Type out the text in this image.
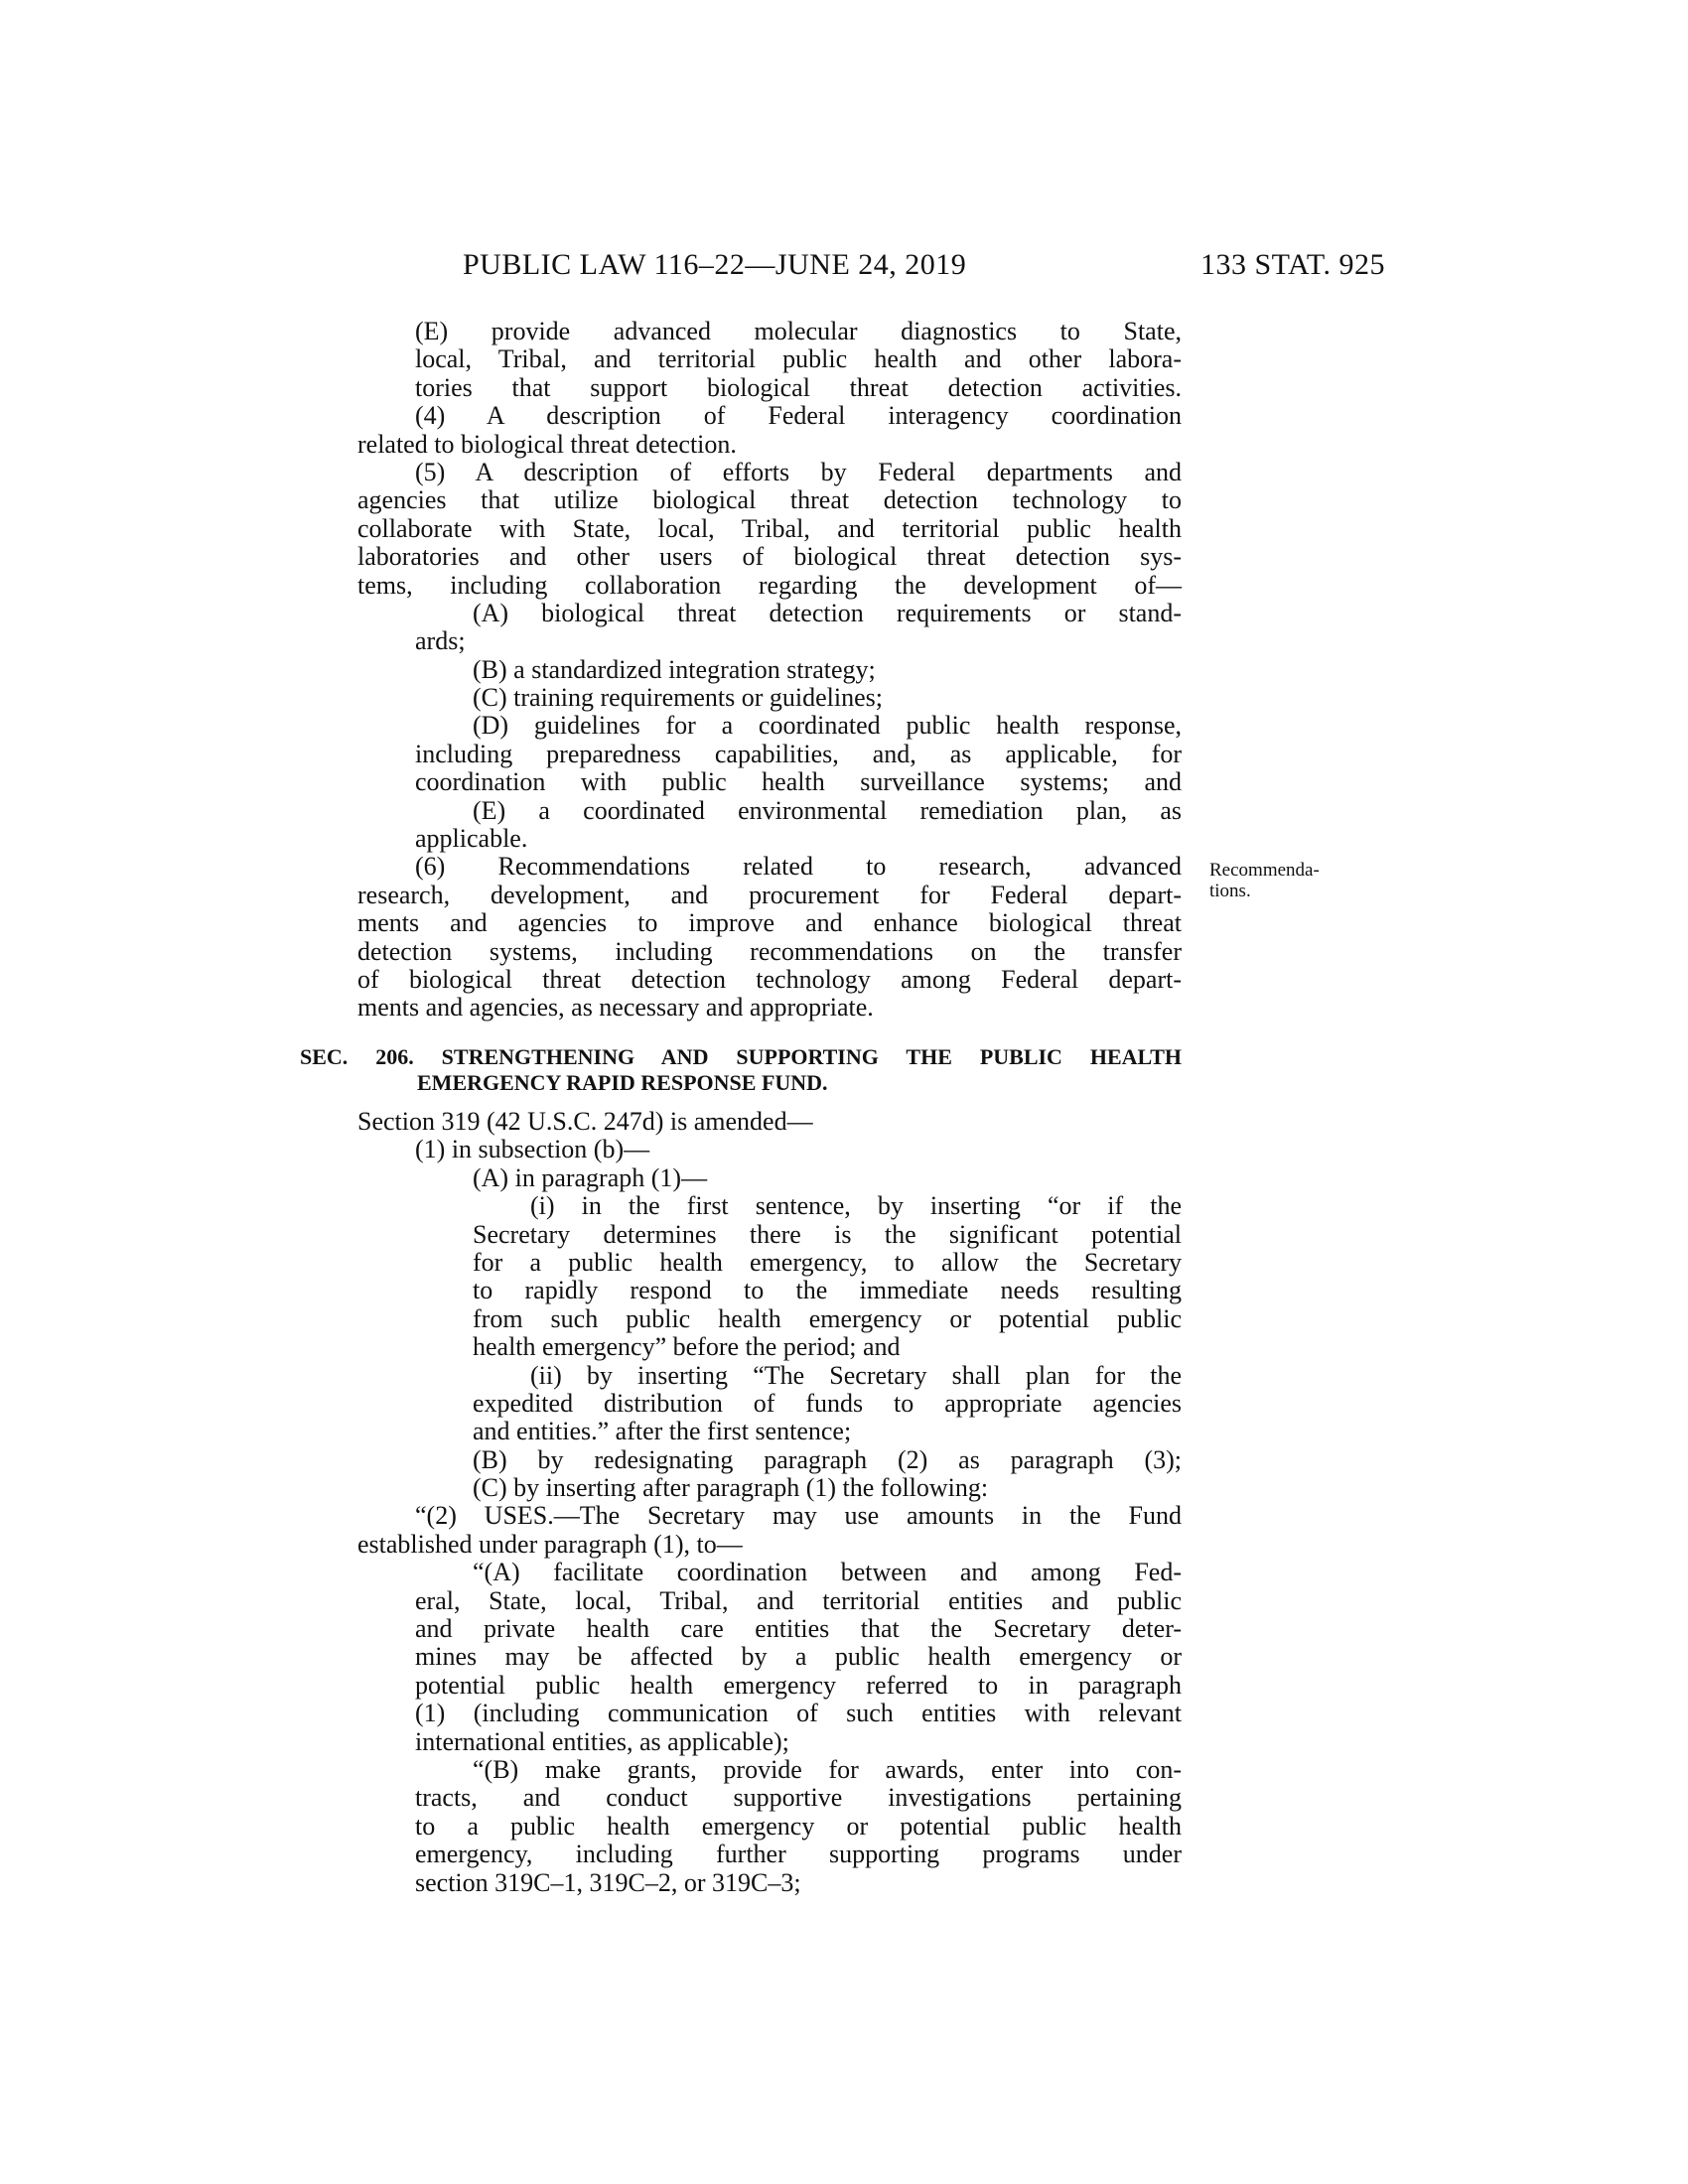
PUBLIC LAW 116–22—JUNE 24, 2019	133 STAT. 925
Recommenda-
tions.
(E) provide advanced molecular diagnostics to State,
local, Tribal, and territorial public health and other labora-
tories that support biological threat detection activities.
(4) A description of Federal interagency coordination
related to biological threat detection.
(5) A description of efforts by Federal departments and
agencies that utilize biological threat detection technology to
collaborate with State, local, Tribal, and territorial public health
laboratories and other users of biological threat detection sys-
tems, including collaboration regarding the development of—
(A) biological threat detection requirements or stand-
ards;
(B) a standardized integration strategy;
(C) training requirements or guidelines;
(D) guidelines for a coordinated public health response,
including preparedness capabilities, and, as applicable, for
coordination with public health surveillance systems; and
(E) a coordinated environmental remediation plan, as
applicable.
(6) Recommendations related to research, advanced
research, development, and procurement for Federal depart-
ments and agencies to improve and enhance biological threat
detection systems, including recommendations on the transfer
of biological threat detection technology among Federal depart-
ments and agencies, as necessary and appropriate.
SEC. 206. STRENGTHENING AND SUPPORTING THE PUBLIC HEALTH
EMERGENCY RAPID RESPONSE FUND.
Section 319 (42 U.S.C. 247d) is amended—
(1) in subsection (b)—
(A) in paragraph (1)—
(i) in the first sentence, by inserting “or if the
Secretary determines there is the significant potential
for a public health emergency, to allow the Secretary
to rapidly respond to the immediate needs resulting
from such public health emergency or potential public
health emergency” before the period; and
(ii) by inserting “The Secretary shall plan for the
expedited distribution of funds to appropriate agencies
and entities.” after the first sentence;
(B) by redesignating paragraph (2) as paragraph (3);
(C) by inserting after paragraph (1) the following:
“(2) USES.—The Secretary may use amounts in the Fund
established under paragraph (1), to—
“(A) facilitate coordination between and among Fed-
eral, State, local, Tribal, and territorial entities and public
and private health care entities that the Secretary deter-
mines may be affected by a public health emergency or
potential public health emergency referred to in paragraph
(1) (including communication of such entities with relevant
international entities, as applicable);
“(B) make grants, provide for awards, enter into con-
tracts, and conduct supportive investigations pertaining
to a public health emergency or potential public health
emergency, including further supporting programs under
section 319C–1, 319C–2, or 319C–3;
